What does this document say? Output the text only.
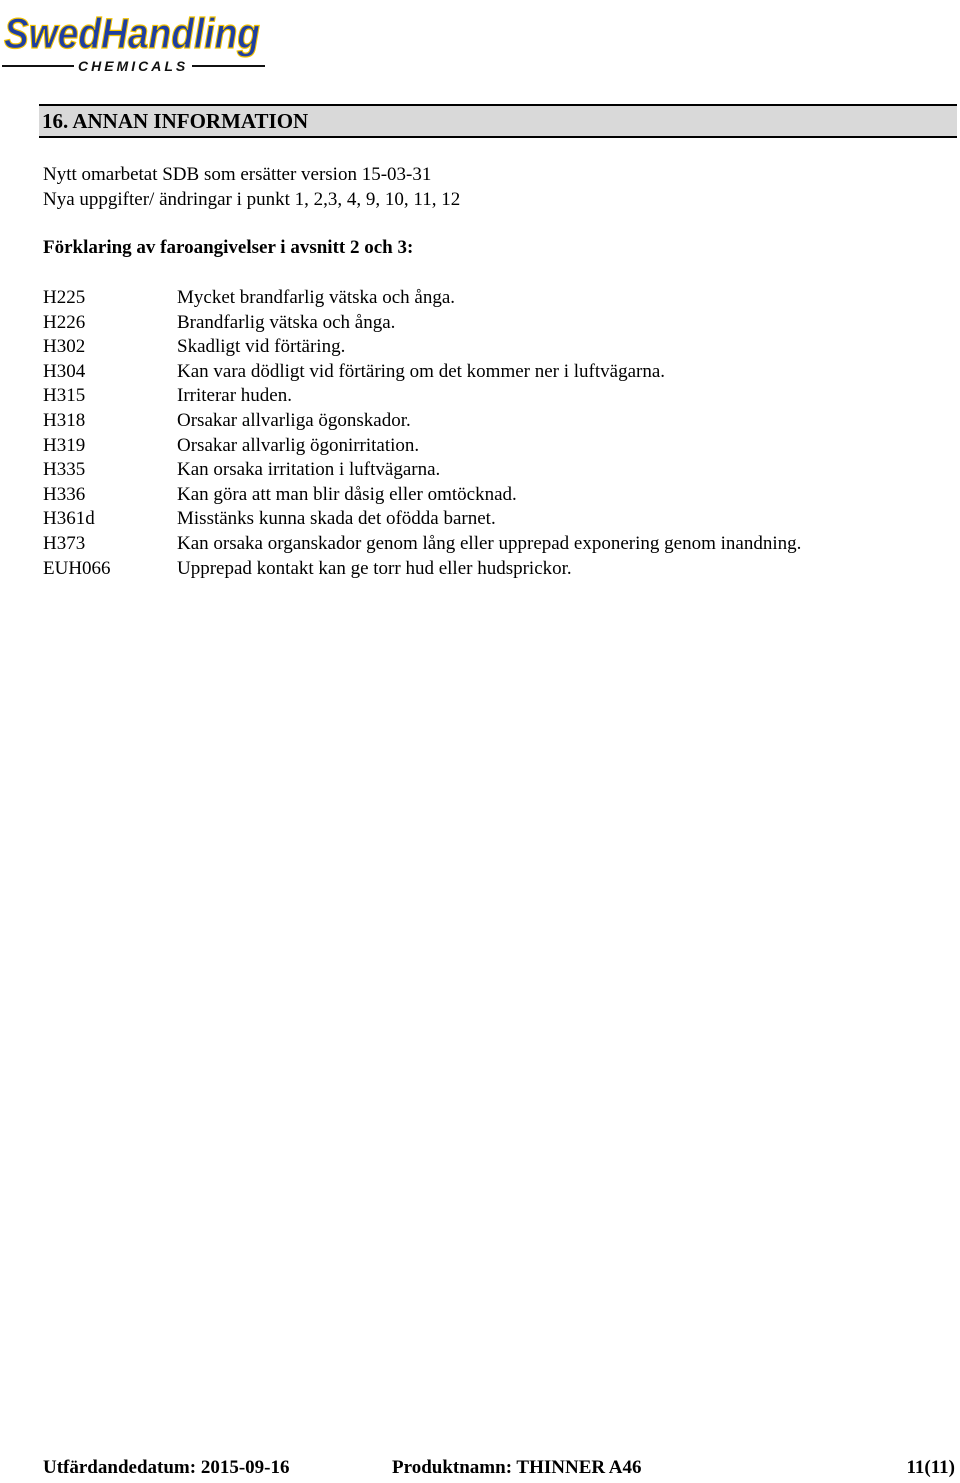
SwedHandling
CHEMICALS
16. ANNAN INFORMATION
Nytt omarbetat SDB som ersätter version 15-03-31
Nya uppgifter/ ändringar i punkt 1, 2,3, 4, 9, 10, 11, 12
Förklaring av faroangivelser i avsnitt 2 och 3:
H225	Mycket brandfarlig vätska och ånga.
H226	Brandfarlig vätska och ånga.
H302	Skadligt vid förtäring.
H304	Kan vara dödligt vid förtäring om det kommer ner i luftvägarna.
H315	Irriterar huden.
H318	Orsakar allvarliga ögonskador.
H319	Orsakar allvarlig ögonirritation.
H335	Kan orsaka irritation i luftvägarna.
H336	Kan göra att man blir dåsig eller omtöcknad.
H361d	Misstänks kunna skada det ofödda barnet.
H373	Kan orsaka organskador genom lång eller upprepad exponering genom inandning.
EUH066	Upprepad kontakt kan ge torr hud eller hudsprickor.
Utfärdandedatum: 2015-09-16	Produktnamn: THINNER A46	11(11)
